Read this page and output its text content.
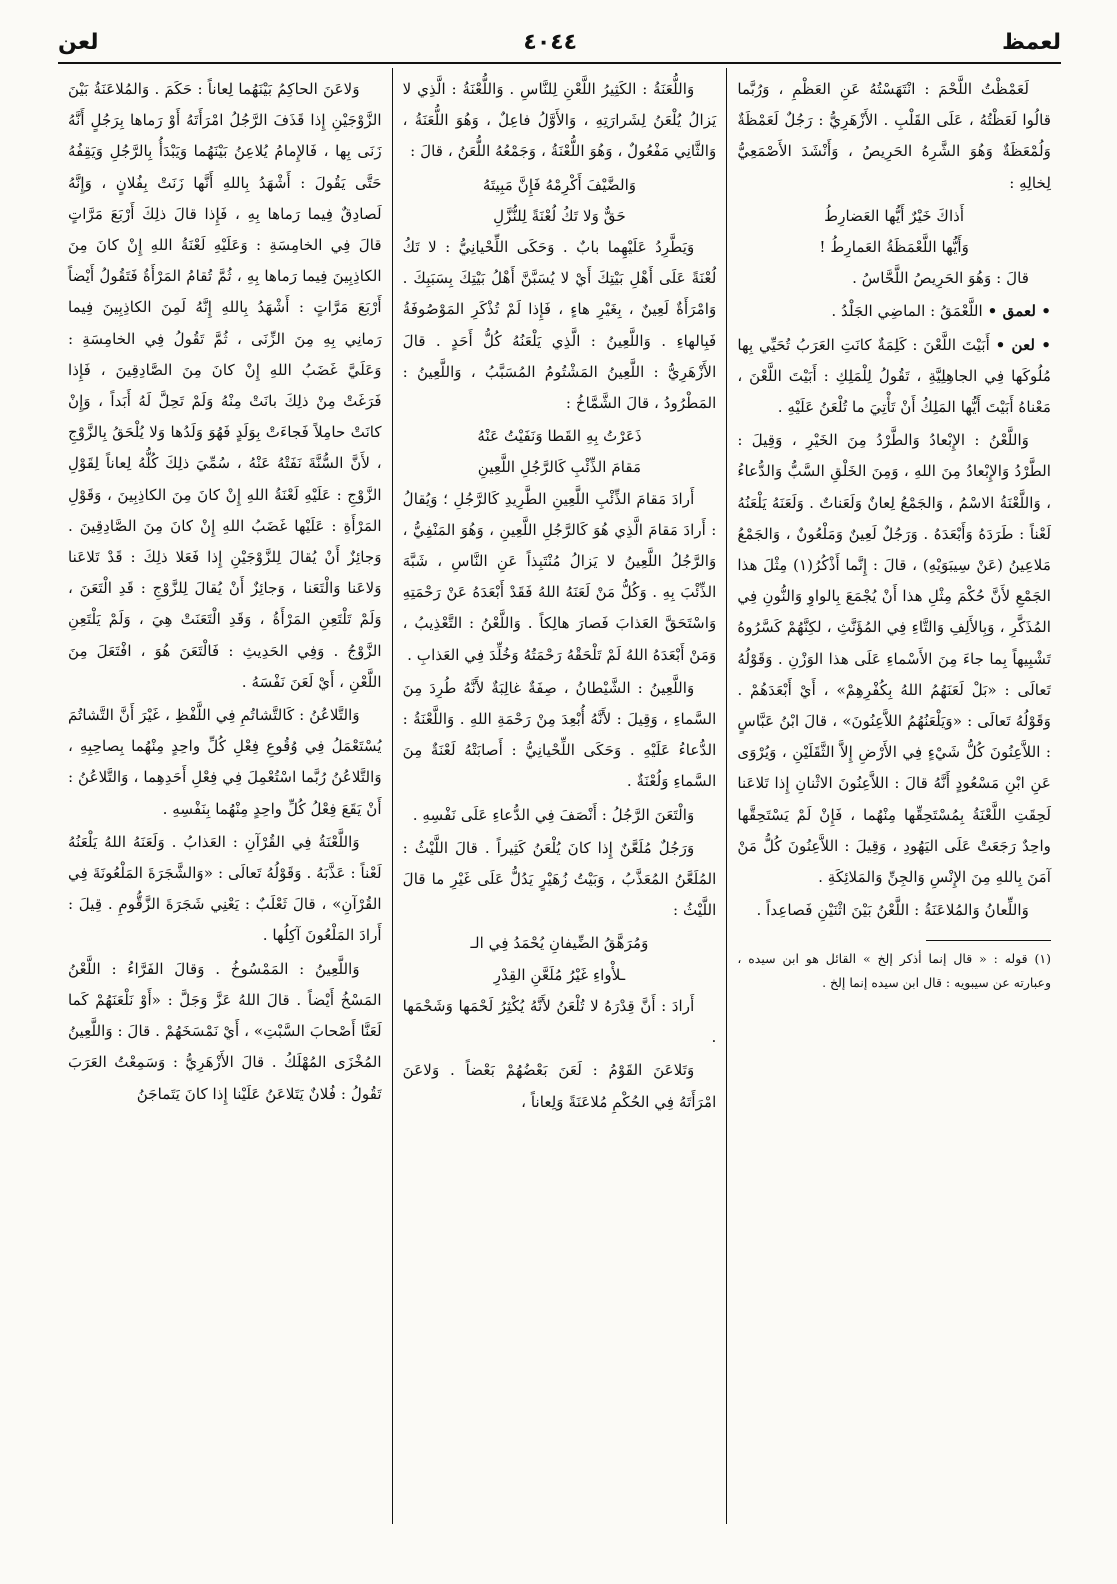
لعمظ
٤٠٤٤
لعن

لَعَمْظْتُ اللَّحْمَ : انْتَهَسْتُهُ عَنِ العَظْمِ ، وَرُبَّما قالُوا لَعَظْتُهُ ، عَلَى القَلْبِ . الأَزْهَرِيُّ : رَجُلٌ لَعَمْظَةٌ وَلُمْعَظَةٌ وَهُوَ الشَّرِهُ الحَرِيصُ ، وَأَنْشَدَ الأَصْمَعِيُّ لِخالِهِ :

أَذاكَ خَيْرٌ أَيُّها العَضارِطُ

وَأَيُّها اللَّعْمَظَةُ العَمارِطُ !

قالَ : وَهُوَ الحَرِيصُ اللَّحَّاسُ .

• لعمق • اللَّعْمَقُ : الماضِي الجَلْدُ .

• لعن • أَبَيْتَ اللَّعْنَ : كَلِمَةٌ كانَتِ العَرَبُ تُحَيِّي بِها مُلُوكَها فِي الجاهِلِيَّةِ ، تَقُولُ لِلْمَلِكِ : أَبَيْتَ اللَّعْنَ ، مَعْناهُ أَبَيْتَ أَيُّها المَلِكُ أَنْ تَأْتِيَ ما تُلْعَنُ عَلَيْهِ .

وَاللَّعْنُ : الإِبْعادُ وَالطَّرْدُ مِنَ الخَيْرِ ، وَقِيلَ : الطَّرْدُ وَالإِبْعادُ مِنَ اللهِ ، وَمِنَ الخَلْقِ السَّبُّ وَالدُّعاءُ ، وَاللَّعْنَةُ الاسْمُ ، وَالجَمْعُ لِعانٌ وَلَعَناتٌ . وَلَعَنَهُ يَلْعَنُهُ لَعْناً : طَرَدَهُ وَأَبْعَدَهُ . وَرَجُلٌ لَعِينٌ وَمَلْعُونٌ ، وَالجَمْعُ مَلاعِينُ (عَنْ سِيبَوَيْهِ) ، قالَ : إِنَّما أَذْكُرُ(١) مِثْلَ هذا الجَمْعِ لأَنَّ حُكْمَ مِثْلِ هذا أَنْ يُجْمَعَ بِالواوِ وَالنُّونِ فِي المُذَكَّرِ ، وَبِالأَلِفِ وَالتَّاءِ فِي المُؤَنَّثِ ، لكِنَّهُمْ كَسَّرُوهُ تَشْبِيهاً بِما جاءَ مِنَ الأَسْماءِ عَلَى هذا الوَزْنِ . وَقَوْلُهُ تَعالَى : «بَلْ لَعَنَهُمُ اللهُ بِكُفْرِهِمْ» ، أَيْ أَبْعَدَهُمْ . وَقَوْلُهُ تَعالَى : «وَيَلْعَنُهُمُ اللاَّعِنُونَ» ، قالَ ابْنُ عَبَّاسٍ : اللاَّعِنُونَ كُلُّ شَيْءٍ فِي الأَرْضِ إِلاَّ الثَّقَلَيْنِ ، وَيُرْوَى عَنِ ابْنِ مَسْعُودٍ أَنَّهُ قالَ : اللاَّعِنُونَ الاثْنانِ إِذا تَلاعَنا لَحِقَتِ اللَّعْنَةُ بِمُسْتَحِقِّها مِنْهُما ، فَإِنْ لَمْ يَسْتَحِقَّها واحِدٌ رَجَعَتْ عَلَى اليَهُودِ ، وَقِيلَ : اللاَّعِنُونَ كُلُّ مَنْ آمَنَ بِاللهِ مِنَ الإِنْسِ وَالجِنِّ وَالمَلائِكَةِ .

وَاللِّعانُ وَالمُلاعَنَةُ : اللَّعْنُ بَيْنَ اثْنَيْنِ فَصاعِداً .

(١) قوله : « قال إنما أذكر إلخ » القائل هو ابن سيده ، وعبارته عن سيبويه : قال ابن سيده إنما إلخ .

وَاللُّعَنَةُ : الكَثِيرُ اللَّعْنِ لِلنَّاسِ . وَاللُّعْنَةُ : الَّذِي لا يَزالُ يُلْعَنُ لِشَرارَتِهِ ، وَالأَوَّلُ فاعِلٌ ، وَهُوَ اللُّعَنَةُ ، وَالثَّانِي مَفْعُولٌ ، وَهُوَ اللُّعْنَةُ ، وَجَمْعُهُ اللُّعَنُ ، قالَ :

وَالضَّيْفَ أَكْرِمْهُ فَإِنَّ مَبِيتَهُ

حَقٌّ وَلا تَكُ لُعْنَةً لِلنُّزَّلِ

وَيَطَّرِدُ عَلَيْهِما بابٌ . وَحَكَى اللِّحْيانِيُّ : لا تَكُ لُعْنَةً عَلَى أَهْلِ بَيْتِكَ أَيْ لا يُسَبَّنَّ أَهْلُ بَيْتِكَ بِسَبَبِكَ . وَامْرَأَةٌ لَعِينٌ ، بِغَيْرِ هاءٍ ، فَإِذا لَمْ تُذْكَرِ المَوْصُوفَةُ فَبِالهاءِ . وَاللَّعِينُ : الَّذِي يَلْعَنُهُ كُلُّ أَحَدٍ . قالَ الأَزْهَرِيُّ : اللَّعِينُ المَشْتُومُ المُسَبَّبُ ، وَاللَّعِينُ : المَطْرُودُ ، قالَ الشَّمَّاخُ :

ذَعَرْتُ بِهِ القَطا وَنَفَيْتُ عَنْهُ

مَقامَ الذِّئْبِ كَالرَّجُلِ اللَّعِينِ

أَرادَ مَقامَ الذِّئْبِ اللَّعِينِ الطَّرِيدِ كَالرَّجُلِ ؛ وَيُقالُ : أَرادَ مَقامَ الَّذِي هُوَ كَالرَّجُلِ اللَّعِينِ ، وَهُوَ المَنْفِيُّ ، وَالرَّجُلُ اللَّعِينُ لا يَزالُ مُنْتَبِذاً عَنِ النَّاسِ ، شَبَّهَ الذِّئْبَ بِهِ . وَكُلُّ مَنْ لَعَنَهُ اللهُ فَقَدْ أَبْعَدَهُ عَنْ رَحْمَتِهِ وَاسْتَحَقَّ العَذابَ فَصارَ هالِكاً . وَاللَّعْنُ : التَّعْذِيبُ ، وَمَنْ أَبْعَدَهُ اللهُ لَمْ تَلْحَقْهُ رَحْمَتُهُ وَخُلِّدَ فِي العَذابِ .

وَاللَّعِينُ : الشَّيْطانُ ، صِفَةٌ غالِبَةٌ لأَنَّهُ طُرِدَ مِنَ السَّماءِ ، وَقِيلَ : لأَنَّهُ أُبْعِدَ مِنْ رَحْمَةِ اللهِ . وَاللَّعْنَةُ : الدُّعاءُ عَلَيْهِ . وَحَكَى اللِّحْيانِيُّ : أَصابَتْهُ لَعْنَةٌ مِنَ السَّماءِ وَلُعْنَةٌ .

وَالْتَعَنَ الرَّجُلُ : أَنْصَفَ فِي الدُّعاءِ عَلَى نَفْسِهِ .

وَرَجُلٌ مُلَعَّنٌ إِذا كانَ يُلْعَنُ كَثِيراً . قالَ اللَّيْثُ : المُلَعَّنُ المُعَذَّبُ ، وَبَيْتُ زُهَيْرٍ يَدُلُّ عَلَى غَيْرِ ما قالَ اللَّيْثُ :

وَمُرَهَّقُ الضِّيفانِ يُحْمَدُ فِي الـ

ـلأْواءِ غَيْرُ مُلَعَّنِ القِدْرِ

أَرادَ : أَنَّ قِدْرَهُ لا تُلْعَنُ لأَنَّهُ يُكْثِرُ لَحْمَها وَشَحْمَها .

وَتَلاعَنَ القَوْمُ : لَعَنَ بَعْضُهُمْ بَعْضاً . وَلاعَنَ امْرَأَتَهُ فِي الحُكْمِ مُلاعَنَةً وَلِعاناً ،

وَلاعَنَ الحاكِمُ بَيْنَهُما لِعاناً : حَكَمَ . وَالمُلاعَنَةُ بَيْنَ الزَّوْجَيْنِ إِذا قَذَفَ الرَّجُلُ امْرَأَتَهُ أَوْ رَماها بِرَجُلٍ أَنَّهُ زَنَى بِها ، فَالإِمامُ يُلاعِنُ بَيْنَهُما وَيَبْدَأُ بِالرَّجُلِ وَيَقِفُهُ حَتَّى يَقُولَ : أَشْهَدُ بِاللهِ أَنَّها زَنَتْ بِفُلانٍ ، وَإِنَّهُ لَصادِقٌ فِيما رَماها بِهِ ، فَإِذا قالَ ذلِكَ أَرْبَعَ مَرَّاتٍ قالَ فِي الخامِسَةِ : وَعَلَيْهِ لَعْنَةُ اللهِ إِنْ كانَ مِنَ الكاذِبِينَ فِيما رَماها بِهِ ، ثُمَّ تُقامُ المَرْأَةُ فَتَقُولُ أَيْضاً أَرْبَعَ مَرَّاتٍ : أَشْهَدُ بِاللهِ إِنَّهُ لَمِنَ الكاذِبِينَ فِيما رَمانِي بِهِ مِنَ الزِّنَى ، ثُمَّ تَقُولُ فِي الخامِسَةِ : وَعَلَيَّ غَضَبُ اللهِ إِنْ كانَ مِنَ الصَّادِقِينَ ، فَإِذا فَرَغَتْ مِنْ ذلِكَ بانَتْ مِنْهُ وَلَمْ تَحِلَّ لَهُ أَبَداً ، وَإِنْ كانَتْ حامِلاً فَجاءَتْ بِوَلَدٍ فَهُوَ وَلَدُها وَلا يُلْحَقُ بِالزَّوْجِ ، لأَنَّ السُّنَّةَ نَفَتْهُ عَنْهُ ، سُمِّيَ ذلِكَ كُلُّهُ لِعاناً لِقَوْلِ الزَّوْجِ : عَلَيْهِ لَعْنَةُ اللهِ إِنْ كانَ مِنَ الكاذِبِينَ ، وَقَوْلِ المَرْأَةِ : عَلَيْها غَضَبُ اللهِ إِنْ كانَ مِنَ الصَّادِقِينَ . وَجائِزٌ أَنْ يُقالَ لِلزَّوْجَيْنِ إِذا فَعَلا ذلِكَ : قَدْ تَلاعَنا وَلاعَنا وَالْتَعَنا ، وَجائِزٌ أَنْ يُقالَ لِلزَّوْجِ : قَدِ الْتَعَنَ ، وَلَمْ تَلْتَعِنِ المَرْأَةُ ، وَقَدِ الْتَعَنَتْ هِيَ ، وَلَمْ يَلْتَعِنِ الزَّوْجُ . وَفِي الحَدِيثِ : فَالْتَعَنَ هُوَ ، افْتَعَلَ مِنَ اللَّعْنِ ، أَيْ لَعَنَ نَفْسَهُ .

وَالتَّلاعُنُ : كَالتَّشاتُمِ فِي اللَّفْظِ ، غَيْرَ أَنَّ التَّشاتُمَ يُسْتَعْمَلُ فِي وُقُوعِ فِعْلِ كُلِّ واحِدٍ مِنْهُما بِصاحِبِهِ ، وَالتَّلاعُنُ رُبَّما اسْتُعْمِلَ فِي فِعْلِ أَحَدِهِما ، وَالتَّلاعُنُ : أَنْ يَقَعَ فِعْلُ كُلِّ واحِدٍ مِنْهُما بِنَفْسِهِ .

وَاللَّعْنَةُ فِي القُرْآنِ : العَذابُ . وَلَعَنَهُ اللهُ يَلْعَنُهُ لَعْناً : عَذَّبَهُ . وَقَوْلُهُ تَعالَى : «وَالشَّجَرَةَ المَلْعُونَةَ فِي القُرْآنِ» ، قالَ ثَعْلَبٌ : يَعْنِي شَجَرَةَ الزَّقُّومِ . قِيلَ : أَرادَ المَلْعُونَ آكِلُها .

وَاللَّعِينُ : المَمْسُوخُ . وَقالَ الفَرَّاءُ : اللَّعْنُ المَسْخُ أَيْضاً . قالَ اللهُ عَزَّ وَجَلَّ : «أَوْ نَلْعَنَهُمْ كَما لَعَنَّا أَصْحابَ السَّبْتِ» ، أَيْ نَمْسَخَهُمْ . قالَ : وَاللَّعِينُ المُخْزَى المُهْلَكُ . قالَ الأَزْهَرِيُّ : وَسَمِعْتُ العَرَبَ تَقُولُ : فُلانٌ يَتَلاعَنُ عَلَيْنا إِذا كانَ يَتَماجَنُ
